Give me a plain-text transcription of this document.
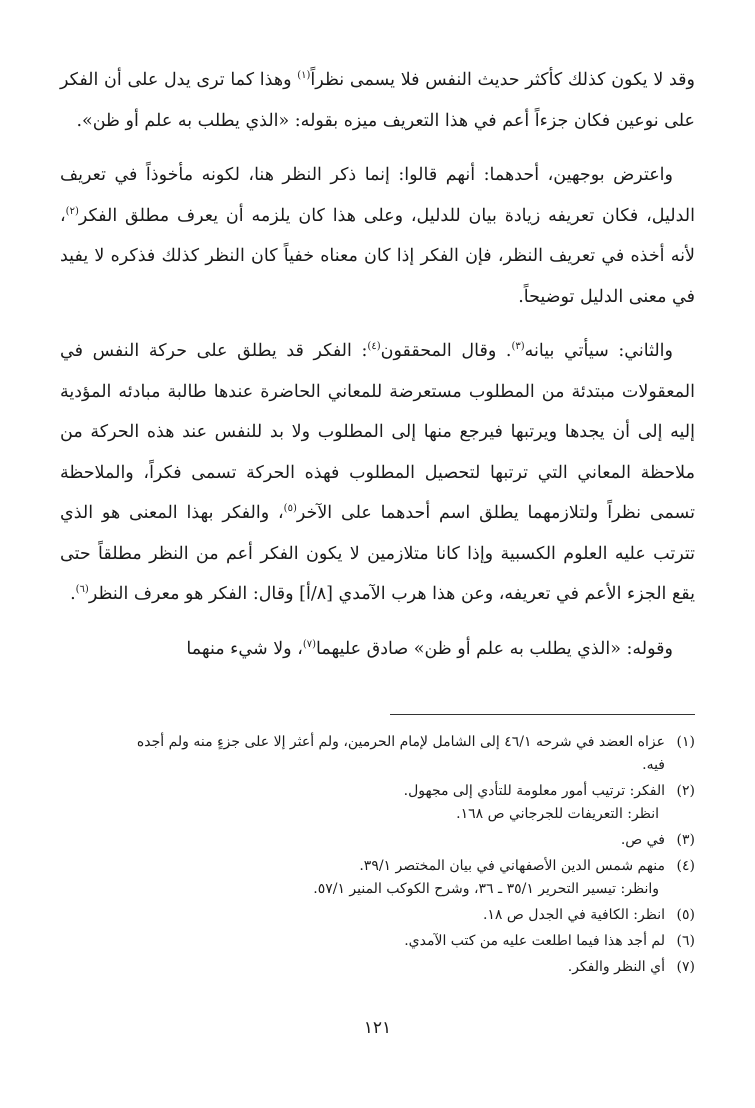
وقد لا يكون كذلك كأكثر حديث النفس فلا يسمى نظراً$^{(١)}$ وهذا كما ترى يدل على أن الفكر على نوعين فكان جزءاً أعم في هذا التعريف ميزه بقوله: «الذي يطلب به علم أو ظن».

واعترض بوجهين، أحدهما: أنهم قالوا: إنما ذكر النظر هنا، لكونه مأخوذاً في تعريف الدليل، فكان تعريفه زيادة بيان للدليل، وعلى هذا كان يلزمه أن يعرف مطلق الفكر$^{(٢)}$، لأنه أخذه في تعريف النظر، فإن الفكر إذا كان معناه خفياً كان النظر كذلك فذكره لا يفيد في معنى الدليل توضيحاً.

والثاني: سيأتي بيانه$^{(٣)}$. وقال المحققون$^{(٤)}$: الفكر قد يطلق على حركة النفس في المعقولات مبتدئة من المطلوب مستعرضة للمعاني الحاضرة عندها طالبة مبادئه المؤدية إليه إلى أن يجدها ويرتبها فيرجع منها إلى المطلوب ولا بد للنفس عند هذه الحركة من ملاحظة المعاني التي ترتبها لتحصيل المطلوب فهذه الحركة تسمى فكراً، والملاحظة تسمى نظراً ولتلازمهما يطلق اسم أحدهما على الآخر$^{(٥)}$، والفكر بهذا المعنى هو الذي تترتب عليه العلوم الكسبية وإذا كانا متلازمين لا يكون الفكر أعم من النظر مطلقاً حتى يقع الجزء الأعم في تعريفه، وعن هذا هرب الآمدي [٨/أ] وقال: الفكر هو معرف النظر$^{(٦)}$.

وقوله: «الذي يطلب به علم أو ظن» صادق عليهما$^{(٧)}$، ولا شيء منهما

(١)
عزاه العضد في شرحه ٤٦/١ إلى الشامل لإمام الحرمين، ولم أعثر إلا على جزءٍ منه ولم أجده
فيه.
(٢)
الفكر: ترتيب أمور معلومة للتأدي إلى مجهول.
انظر: التعريفات للجرجاني ص ١٦٨.
(٣)
في ص.
(٤)
منهم شمس الدين الأصفهاني في بيان المختصر ٣٩/١.
وانظر: تيسير التحرير ٣٥/١ ـ ٣٦، وشرح الكوكب المنير ٥٧/١.
(٥)
انظر: الكافية في الجدل ص ١٨.
(٦)
لم أجد هذا فيما اطلعت عليه من كتب الآمدي.
(٧)
أي النظر والفكر.
١٢١
